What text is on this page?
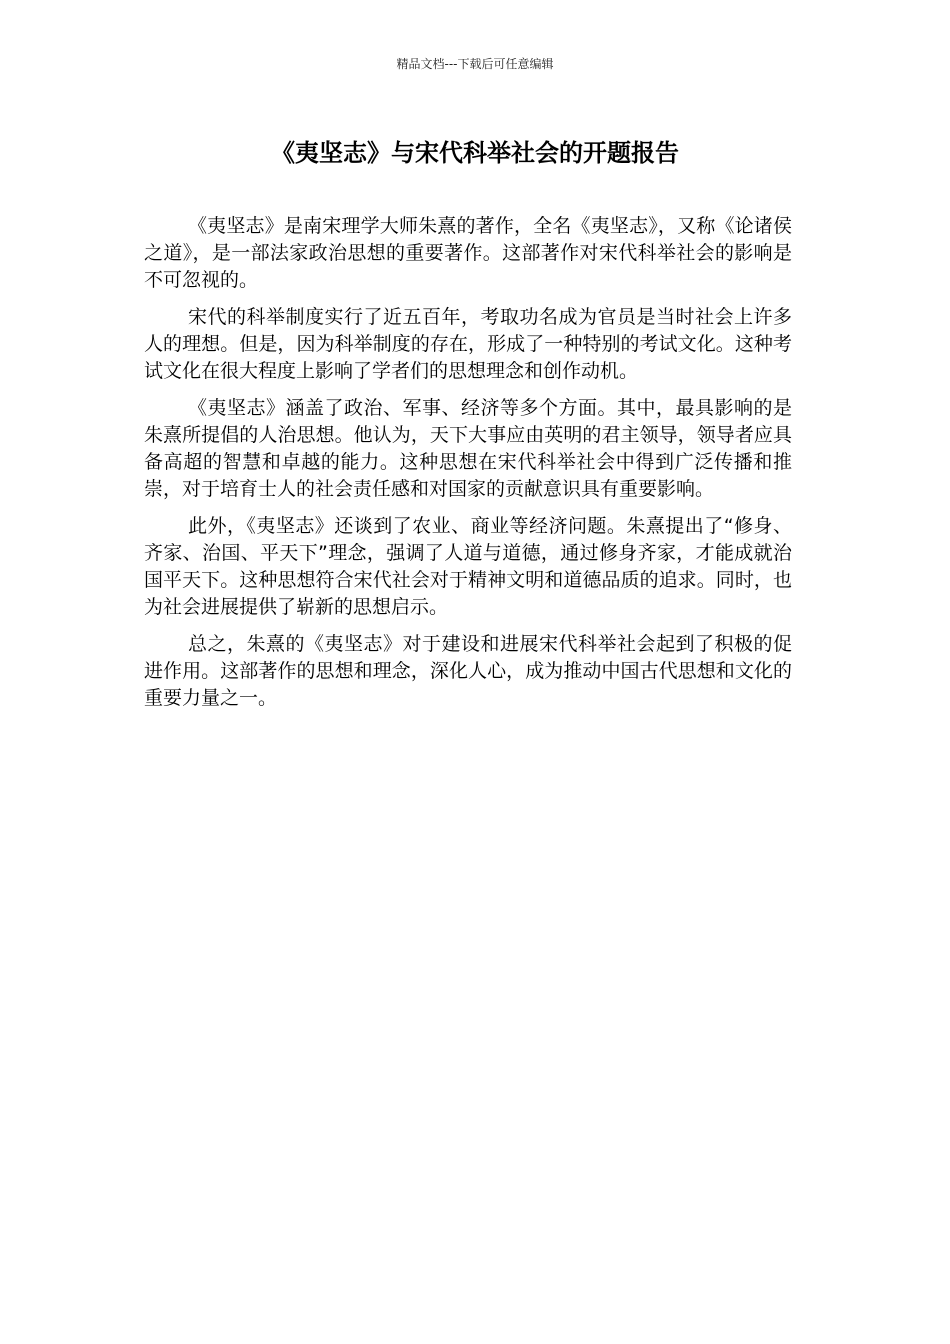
精品文档---下载后可任意编辑
《夷坚志》与宋代科举社会的开题报告

《夷坚志》是南宋理学大师朱熹的著作，全名《夷坚志》，又称《论诸侯之道》，是一部法家政治思想的重要著作。这部著作对宋代科举社会的影响是不可忽视的。

宋代的科举制度实行了近五百年，考取功名成为官员是当时社会上许多人的理想。但是，因为科举制度的存在，形成了一种特别的考试文化。这种考试文化在很大程度上影响了学者们的思想理念和创作动机。

《夷坚志》涵盖了政治、军事、经济等多个方面。其中，最具影响的是朱熹所提倡的人治思想。他认为，天下大事应由英明的君主领导，领导者应具备高超的智慧和卓越的能力。这种思想在宋代科举社会中得到广泛传播和推崇，对于培育士人的社会责任感和对国家的贡献意识具有重要影响。

此外，《夷坚志》还谈到了农业、商业等经济问题。朱熹提出了“修身、齐家、治国、平天下”理念，强调了人道与道德，通过修身齐家，才能成就治国平天下。这种思想符合宋代社会对于精神文明和道德品质的追求。同时，也为社会进展提供了崭新的思想启示。

总之，朱熹的《夷坚志》对于建设和进展宋代科举社会起到了积极的促进作用。这部著作的思想和理念，深化人心，成为推动中国古代思想和文化的重要力量之一。
